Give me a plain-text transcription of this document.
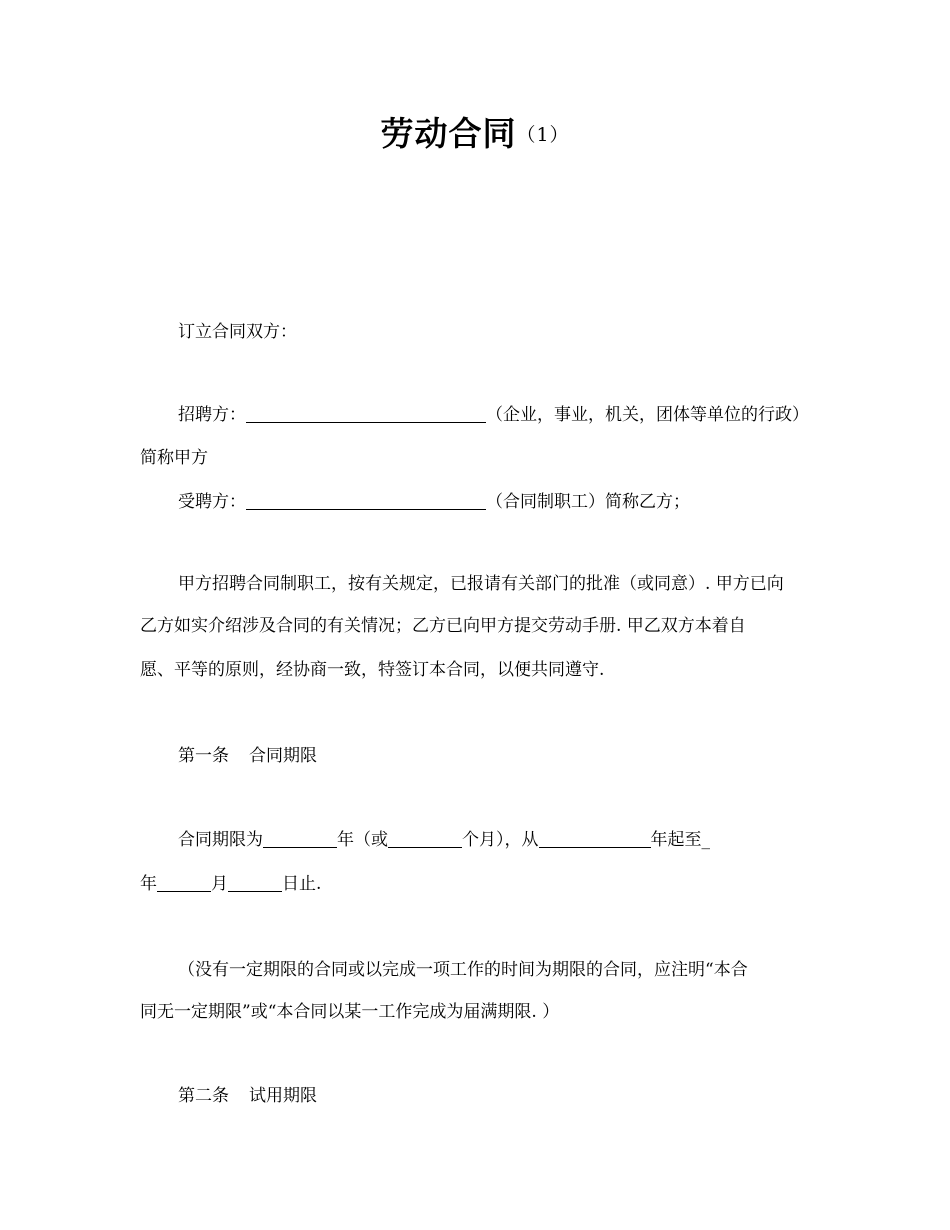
劳动合同（1）
订立合同双方：
招聘方：	（企业，事业，机关，团体等单位的行政）
简称甲方
受聘方：	（合同制职工）简称乙方；
甲方招聘合同制职工，按有关规定，已报请有关部门的批准（或同意）. 甲方已向
乙方如实介绍涉及合同的有关情况；乙方已向甲方提交劳动手册. 甲乙双方本着自
愿、平等的原则，经协商一致，特签订本合同，以便共同遵守.
第一条 合同期限
合同期限为	年（或	个月），从	年起至_
年	月	日止.
（没有一定期限的合同或以完成一项工作的时间为期限的合同，应注明“本合
同无一定期限”或“本合同以某一工作完成为届满期限. ）
第二条 试用期限
